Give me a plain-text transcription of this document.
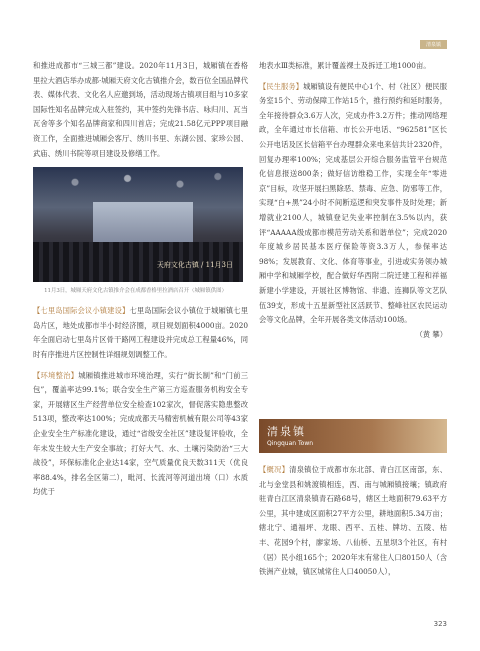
清泉镇

和推进成都市“三城三都”建设。2020年11月3日，城厢镇在香格里拉大酒店举办成都·城厢天府文化古镇推介会，数百位全国品牌代表、媒体代表、文化名人应邀到场，活动现场古镇项目组与10多家国际性知名品牌完成入驻签约，其中签约先锋书店、咏归川、瓦当瓦舍等多个知名品牌商家和四川首店；完成21.58亿元PPP项目融资工作，全面推进城厢会客厅、绣川书里、东湖公园、家珍公园、武庙、绣川书院等项目建设及修缮工作。

天府文化古镇 / 11月3日
11月3日，城厢天府文化古镇推介会在成都香格里拉酒店召开（城厢镇供图）

【七里岛国际会议小镇建设】七里岛国际会议小镇位于城厢镇七里岛片区，地处成都市半小时经济圈，项目规划面积4000亩。2020年全面启动七里岛片区骨干路网工程建设并完成总工程量46%，同时有序推进片区控制性详细规划调整工作。

【环境整治】城厢镇推进城市环境治理，实行“街长制”和“门前三包”，覆盖率达99.1%；联合安全生产第三方巡查服务机构安全专家，开展辖区生产经营单位安全检查102家次，督促落实隐患整改513项，整改率达100%；完成成都天马精密机械有限公司等43家企业安全生产标准化建设，通过“省级安全社区”建设复评验收，全年未发生较大生产安全事故；打好大气、水、土壤污染防治“三大战役”，环保标准化企业达14家，空气质量优良天数311天（优良率88.4%，排名全区第二），毗河、长流河等河道出境（口）水质均优于

地表水Ⅲ类标准，累计覆盖裸土及拆迁工地1000亩。

【民生服务】城厢镇设有便民中心1个、村（社区）便民服务室15个、劳动保障工作站15个，推行预约和延时服务，全年接待群众3.6万人次，完成办件3.2万件；推动网络理政，全年通过市长信箱、市长公开电话、“962581”区长公开电话及区长信箱平台办理群众来电来信共计2320件，回复办理率100%；完成基层公开综合服务监管平台规范化信息报送800条；做好信访维稳工作，实现全年“零进京”目标，攻坚开展扫黑除恶、禁毒、应急、防邪等工作，实现“白+黑”24小时不间断巡逻和突发事件及时处理；新增就业2100人，城镇登记失业率控制在3.5%以内，获评“AAAAA级成都市模范劳动关系和谐单位”；完成2020年度城乡居民基本医疗保险等资3.3万人，参保率达98%；发展教育、文化、体育等事业，引进或实务领办城厢中学和城厢学校，配合做好华西附二院迁建工程和祥福新建小学建设，开展社区博物馆、非遗、连狮队等文艺队伍39支，形成十五星新型社区活跃节、整峰社区农民运动会等文化品牌，全年开展各类文体活动100场。

（黄 攀）

清泉镇
Qingquan Town

【概况】清泉镇位于成都市东北部、青白江区南部，东、北与金堂县和姚渡镇相连，西、南与城厢镇接壤；镇政府驻青白江区清泉镇青石路68号，辖区土地面积79.63平方公里，其中建成区面积27平方公里，耕地面积5.34万亩；辖北宁、通福坪、龙眼、西平、五桂、牌坊、五陵、枯丰、花园9个村，廖家场、八仙桥、五星坝3个社区，有村（居）民小组165个；2020年末有常住人口80150人（含铁洲产业城，镇区城常住人口40050人），

323
